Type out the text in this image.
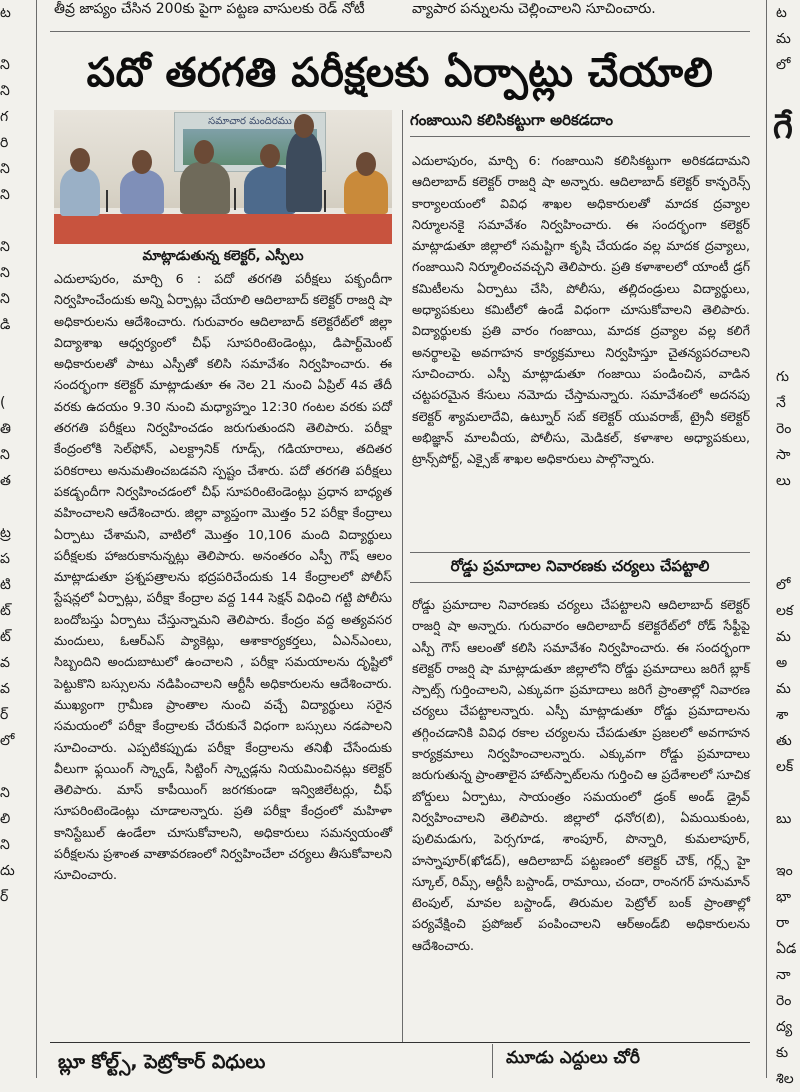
ట

ని
ని
గ
రి
ని
ని

ని
ని
ని
డి

(
తి
ని
త

ట్ర
ప
టి
ట్
ట్
వ
వ
ర్
లో

ని
లి
ని
దు
ర్
ట
మ
లో

గు
నే
రెం
సా
లు

లో
లక
మ
అ
మ
శా
తు
లక్

బు

ఇం
భా
రా
ఏడ
నా
రెం
ద్య
కు
శిల
గే
తీవ్ర జాప్యం చేసిన 200కు పైగా పట్టణ వాసులకు రెడ్ నోటీ	వ్యాపార పన్నులను చెల్లించాలని సూచించారు.
పదో తరగతి పరీక్షలకు ఏర్పాట్లు చేయాలి
సమాచార మందిరము
మాట్లాడుతున్న కలెక్టర్, ఎస్పీలు

ఎదులాపురం, మార్చి 6 : పదో తరగతి పరీక్షలు పక్బందీగా నిర్వహించేందుకు అన్ని ఏర్పాట్లు చేయాలి ఆదిలాబాద్ కలెక్టర్ రాజర్షి షా అధికారులను ఆదేశించారు. గురువారం ఆదిలాబాద్ కలెక్టరేట్‌లో జిల్లా విద్యాశాఖ ఆధ్వర్యంలో చీఫ్ సూపరింటెండెంట్లు, డిపార్ట్‌మెంట్ అధికారులతో పాటు ఎస్పీతో కలిసి సమావేశం నిర్వహించారు. ఈ సందర్భంగా కలెక్టర్ మాట్లాడుతూ ఈ నెల 21 నుంచి ఏప్రిల్ 4వ తేదీ వరకు ఉదయం 9.30 నుంచి మధ్యాహ్నం 12:30 గంటల వరకు పదో తరగతి పరీక్షలు నిర్వహించడం జరుగుతుందని తెలిపారు. పరీక్షా కేంద్రంలోకి సెల్‌ఫోన్, ఎలక్ట్రానిక్ గూడ్స్, గడియారాలు, తదితర పరికరాలు అనుమతించబడవని స్పష్టం చేశారు. పదో తరగతి పరీక్షలు పకడ్బందీగా నిర్వహించడంలో చీఫ్ సూపరింటెండెంట్లు ప్రధాన బాధ్యత వహించాలని ఆదేశించారు. జిల్లా వ్యాప్తంగా మొత్తం 52 పరీక్షా కేంద్రాలు ఏర్పాటు చేశామని, వాటిలో మొత్తం 10,106 మంది విద్యార్థులు పరీక్షలకు హాజరుకానున్నట్లు తెలిపారు. అనంతరం ఎస్పీ గౌష్ ఆలం మాట్లాడుతూ ప్రశ్నపత్రాలను భద్రపరిచేందుకు 14 కేంద్రాలలో పోలీస్ స్టేషన్లలో ఏర్పాట్లు, పరీక్షా కేంద్రాల వద్ద 144 సెక్షన్ విధించి గట్టి పోలీసు బందోబస్తు ఏర్పాటు చేస్తున్నామని తెలిపారు. కేంద్రం వద్ద అత్యవసర మందులు, ఓఆర్‌ఎస్ ప్యాకెట్లు, ఆశాకార్యకర్తలు, ఏఎన్ఎంలు, సిబ్బందిని అందుబాటులో ఉంచాలని , పరీక్షా సమయాలను దృష్టిలో పెట్టుకొని బస్సులను నడిపించాలని ఆర్టీసీ అధికారులను ఆదేశించారు. ముఖ్యంగా గ్రామీణ ప్రాంతాల నుంచి వచ్చే విద్యార్థులు సరైన సమయంలో పరీక్షా కేంద్రాలకు చేరుకునే విధంగా బస్సులు నడపాలని సూచించారు. ఎప్పటికప్పుడు పరీక్షా కేంద్రాలను తనిఖీ చేసేందుకు వీలుగా ఫ్లయింగ్ స్క్వాడ్, సిట్టింగ్ స్క్వాడ్లను నియమించినట్లు కలెక్టర్ తెలిపారు. మాస్ కాపీయింగ్ జరగకుండా ఇన్విజిలేటర్లు, చీఫ్ సూపరింటెండెంట్లు చూడాలన్నారు. ప్రతి పరీక్షా కేంద్రంలో మహిళా కానిస్టేబుల్ ఉండేలా చూసుకోవాలని, అధికారులు సమన్వయంతో పరీక్షలను ప్రశాంత వాతావరణంలో నిర్వహించేలా చర్యలు తీసుకోవాలని సూచించారు.

గంజాయిని కలిసికట్టుగా అరికడదాం

ఎదులాపురం, మార్చి 6: గంజాయిని కలిసికట్టుగా అరికడదామని ఆదిలాబాద్ కలెక్టర్ రాజర్షి షా అన్నారు. ఆదిలాబాద్ కలెక్టర్ కాన్ఫరెన్స్ కార్యాలయంలో వివిధ శాఖల అధికారులతో మాదక ద్రవ్యాల నిర్మూలనకై సమావేశం నిర్వహించారు. ఈ సందర్భంగా కలెక్టర్ మాట్లాడుతూ జిల్లాలో సమష్టిగా కృషి చేయడం వల్ల మాదక ద్రవ్యాలు, గంజాయిని నిర్మూలించవచ్చని తెలిపారు. ప్రతి కళాశాలలో యాంటీ డ్రగ్ కమిటీలను ఏర్పాటు చేసి, పోలీసు, తల్లిదండ్రులు విద్యార్థులు, అధ్యాపకులు కమిటీలో ఉండే విధంగా చూసుకోవాలని తెలిపారు. విద్యార్థులకు ప్రతి వారం గంజాయి, మాదక ద్రవ్యాల వల్ల కలిగే అనర్థాలపై అవగాహన కార్యక్రమాలు నిర్వహిస్తూ చైతన్యపరచాలని సూచించారు. ఎస్పీ మాట్లాడుతూ గంజాయి పండించిన, వాడిన చట్టపరమైన కేసులు నమోదు చేస్తామన్నారు. సమావేశంలో అదనపు కలెక్టర్ శ్యామలాదేవి, ఉట్నూర్ సబ్ కలెక్టర్ యువరాజ్, ట్రైనీ కలెక్టర్ అభిజ్ఞాన్ మాలవీయ, పోలీసు, మెడికల్, కళాశాల అధ్యాపకులు, ట్రాన్స్‌పోర్ట్, ఎక్సైజ్ శాఖల అధికారులు పాల్గొన్నారు.

రోడ్డు ప్రమాదాల నివారణకు చర్యలు చేపట్టాలి

రోడ్డు ప్రమాదాల నివారణకు చర్యలు చేపట్టాలని ఆదిలాబాద్ కలెక్టర్ రాజర్షి షా అన్నారు. గురువారం ఆదిలాబాద్ కలెక్టరేట్‌లో రోడ్ సేఫ్టీపై ఎస్పీ గౌస్ ఆలంతో కలిసి సమావేశం నిర్వహించారు. ఈ సందర్భంగా కలెక్టర్ రాజర్షి షా మాట్లాడుతూ జిల్లాలోని రోడ్డు ప్రమాదాలు జరిగే బ్లాక్ స్పాట్స్ గుర్తించాలని, ఎక్కువగా ప్రమాదాలు జరిగే ప్రాంతాల్లో నివారణ చర్యలు చేపట్టాలన్నారు. ఎస్పీ మాట్లాడుతూ రోడ్డు ప్రమాదాలను తగ్గించడానికి వివిధ రకాల చర్యలను చేపడుతూ ప్రజలలో అవగాహన కార్యక్రమాలు నిర్వహించాలన్నారు. ఎక్కువగా రోడ్డు ప్రమాదాలు జరుగుతున్న ప్రాంతాలైన హాట్‌స్పాట్‌లను గుర్తించి ఆ ప్రదేశాలలో సూచిక బోర్డులు ఏర్పాటు, సాయంత్రం సమయంలో డ్రంక్ అండ్ డ్రైవ్ నిర్వహించాలని తెలిపారు. జిల్లాలో ధనోర(బి), ఏమయికుంట, పులిమడుగు, పెర్సగూడ, శాంపూర్, పొన్నారి, కుమలాపూర్, హస్నాపూర్(ఖోడద్), ఆదిలాబాద్ పట్టణంలో కలెక్టర్ చౌక్, గర్ల్స్ హై స్కూల్, రిమ్స్, ఆర్టీసీ బస్టాండ్, రామాయి, చందా, రాంనగర్ హనుమాన్ టెంపుల్, మావల బస్టాండ్, తిరుమల పెట్రోల్ బంక్ ప్రాంతాల్లో పర్యవేక్షించి ప్రపోజల్ పంపించాలని ఆర్‌అండ్‌బి అధికారులను ఆదేశించారు.

బ్లూ కోల్ట్స్, పెట్రోకార్ విధులు	మూడు ఎద్దులు చోరీ
